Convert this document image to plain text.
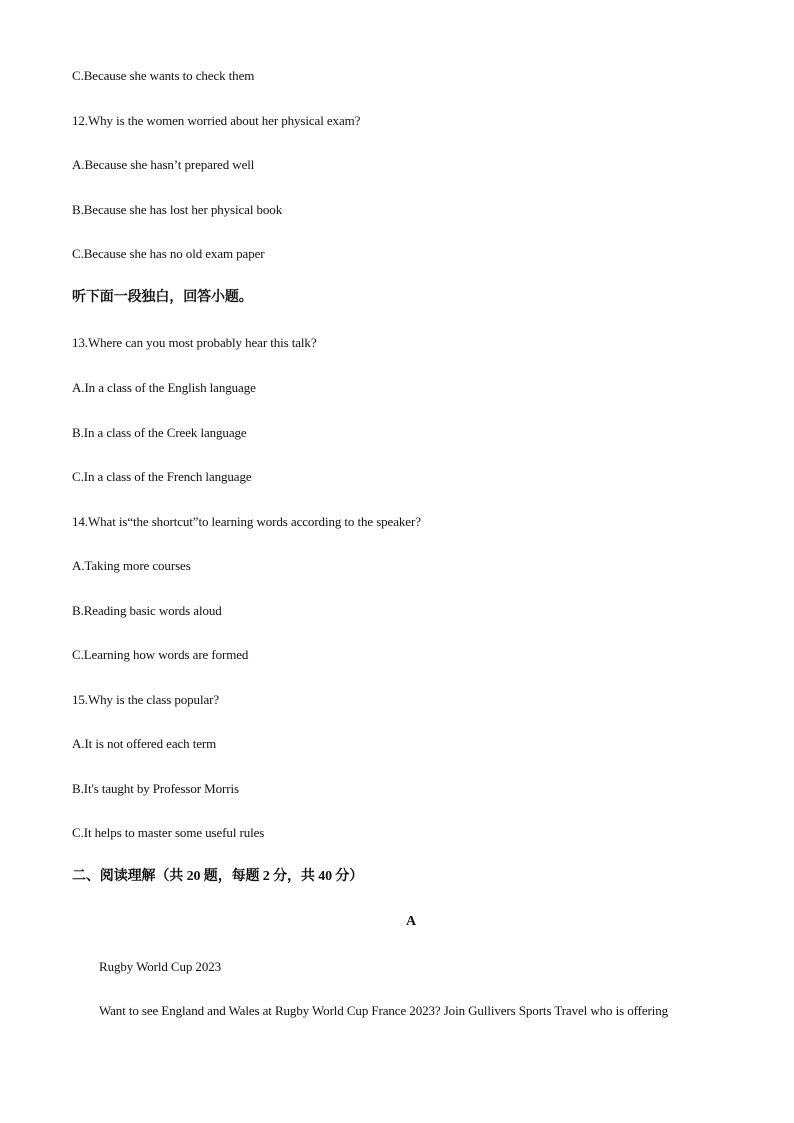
C.Because she wants to check them
12.Why is the women worried about her physical exam?
A.Because she hasn’t prepared well
B.Because she has lost her physical book
C.Because she has no old exam paper
听下面一段独白，回答小题。
13.Where can you most probably hear this talk?
A.In a class of the English language
B.In a class of the Creek language
C.In a class of the French language
14.What is“the shortcut”to learning words according to the speaker?
A.Taking more courses
B.Reading basic words aloud
C.Learning how words are formed
15.Why is the class popular?
A.It is not offered each term
B.It's taught by Professor Morris
C.It helps to master some useful rules
二、阅读理解（共 20 题，每题 2 分，共 40 分）
A
Rugby World Cup 2023
Want to see England and Wales at Rugby World Cup France 2023? Join Gullivers Sports Travel who is offering
